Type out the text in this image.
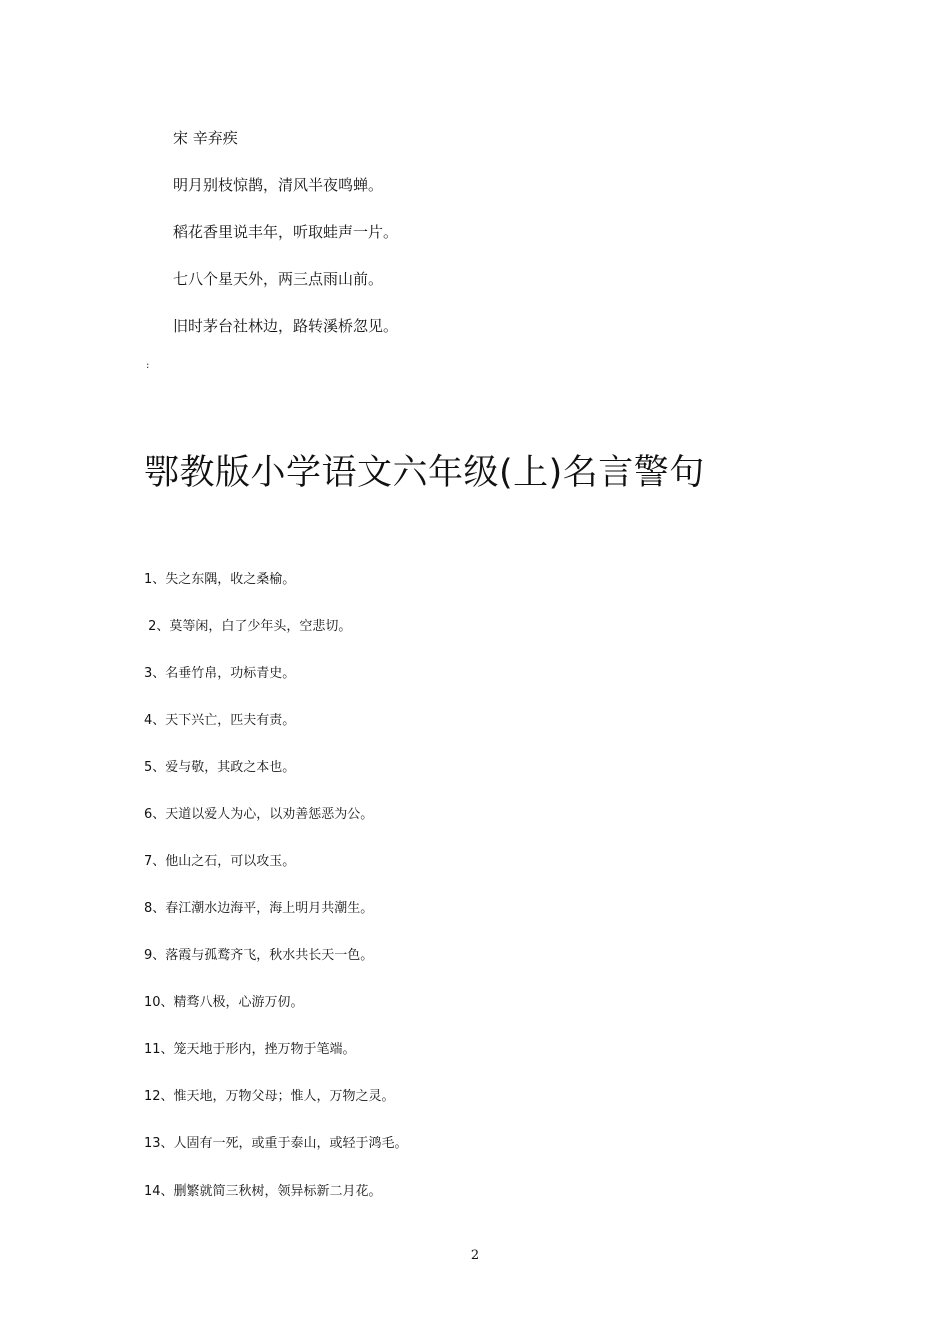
宋 辛弃疾
明月别枝惊鹊，清风半夜鸣蝉。
稻花香里说丰年，听取蛙声一片。
七八个星天外，两三点雨山前。
旧时茅台社林边，路转溪桥忽见。
:
鄂教版小学语文六年级(上)名言警句
1、失之东隅，收之桑榆。
2、莫等闲，白了少年头，空悲切。
3、名垂竹帛，功标青史。
4、天下兴亡，匹夫有责。
5、爱与敬，其政之本也。
6、天道以爱人为心，以劝善惩恶为公。
7、他山之石，可以攻玉。
8、春江潮水边海平，海上明月共潮生。
9、落霞与孤鹜齐飞，秋水共长天一色。
10、精骛八极，心游万仞。
11、笼天地于形内，挫万物于笔端。
12、惟天地，万物父母；惟人，万物之灵。
13、人固有一死，或重于泰山，或轻于鸿毛。
14、删繁就简三秋树，领异标新二月花。
2
